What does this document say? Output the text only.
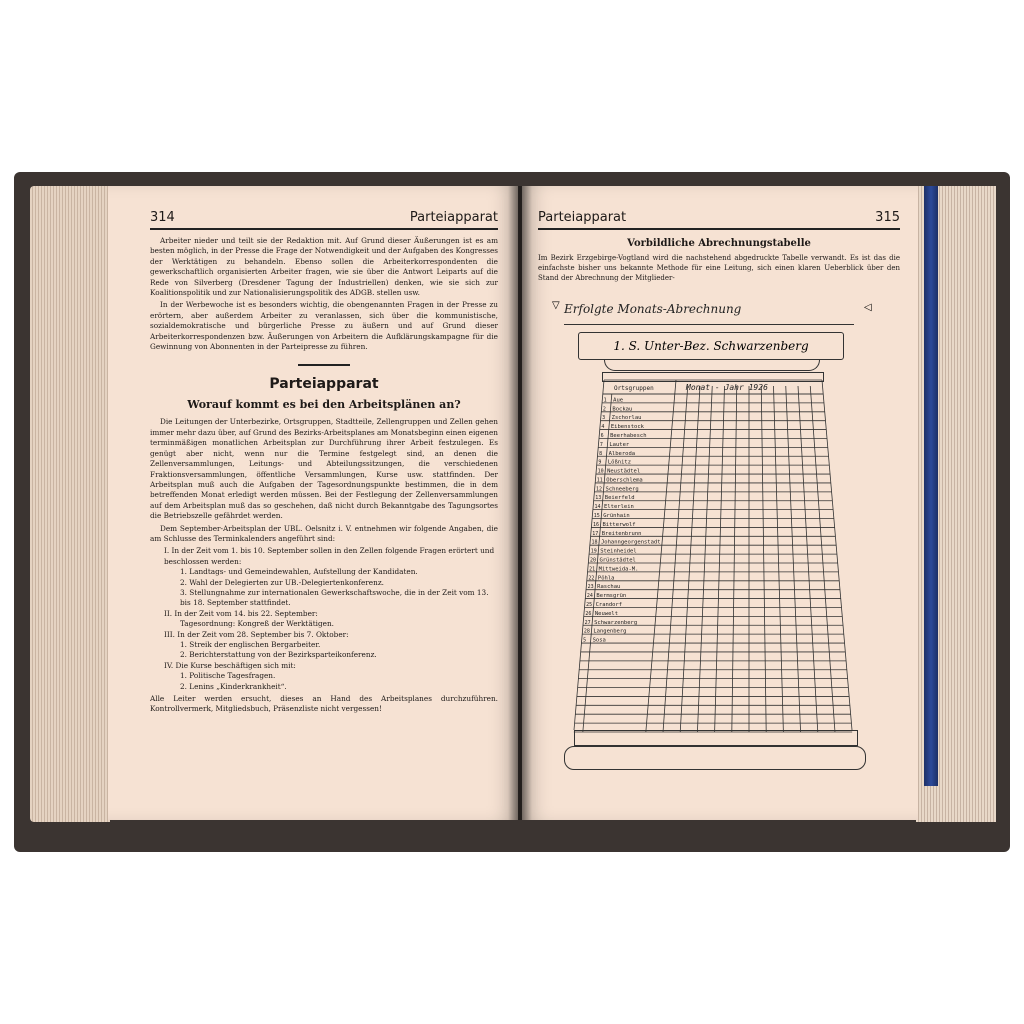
314	Parteiapparat

Arbeiter nieder und teilt sie der Redaktion mit. Auf Grund dieser Äußerungen ist es am besten möglich, in der Presse die Frage der Notwendigkeit und der Aufgaben des Kongresses der Werktätigen zu behandeln. Ebenso sollen die Arbeiterkorrespondenten die gewerkschaftlich organisierten Arbeiter fragen, wie sie über die Antwort Leiparts auf die Rede von Silverberg (Dresdener Tagung der Industriellen) denken, wie sie sich zur Koalitionspolitik und zur Nationalisierungspolitik des ADGB. stellen usw.

In der Werbewoche ist es besonders wichtig, die obengenannten Fragen in der Presse zu erörtern, aber außerdem Arbeiter zu veranlassen, sich über die kommunistische, sozialdemokratische und bürgerliche Presse zu äußern und auf Grund dieser Arbeiterkorrespondenzen bzw. Äußerungen von Arbeitern die Aufklärungskampagne für die Gewinnung von Abonnenten in der Parteipresse zu führen.

Parteiapparat
Worauf kommt es bei den Arbeitsplänen an?

Die Leitungen der Unterbezirke, Ortsgruppen, Stadtteile, Zellengruppen und Zellen gehen immer mehr dazu über, auf Grund des Bezirks-Arbeitsplanes am Monatsbeginn einen eigenen terminmäßigen monatlichen Arbeitsplan zur Durchführung ihrer Arbeit festzulegen. Es genügt aber nicht, wenn nur die Termine festgelegt sind, an denen die Zellenversammlungen, Leitungs- und Abteilungssitzungen, die verschiedenen Fraktionsversammlungen, öffentliche Versammlungen, Kurse usw. stattfinden. Der Arbeitsplan muß auch die Aufgaben der Tagesordnungspunkte bestimmen, die in dem betreffenden Monat erledigt werden müssen. Bei der Festlegung der Zellenversammlungen auf dem Arbeitsplan muß das so geschehen, daß nicht durch Bekanntgabe des Tagungsortes die Betriebszelle gefährdet werden.

Dem September-Arbeitsplan der UBL. Oelsnitz i. V. entnehmen wir folgende Angaben, die am Schlusse des Terminkalenders angeführt sind:

I. In der Zeit vom 1. bis 10. September sollen in den Zellen folgende Fragen erörtert und beschlossen werden:
1. Landtags- und Gemeindewahlen, Aufstellung der Kandidaten.
2. Wahl der Delegierten zur UB.-Delegiertenkonferenz.
3. Stellungnahme zur internationalen Gewerkschaftswoche, die in der Zeit vom 13. bis 18. September stattfindet.
II. In der Zeit vom 14. bis 22. September:
Tagesordnung: Kongreß der Werktätigen.
III. In der Zeit vom 28. September bis 7. Oktober:
1. Streik der englischen Bergarbeiter.
2. Berichterstattung von der Bezirksparteikonferenz.
IV. Die Kurse beschäftigen sich mit:
1. Politische Tagesfragen.
2. Lenins „Kinderkrankheit“.
Alle Leiter werden ersucht, dieses an Hand des Arbeitsplanes durchzuführen. Kontrollvermerk, Mitgliedsbuch, Präsenzliste nicht vergessen!
Parteiapparat	315
Vorbildliche Abrechnungstabelle

Im Bezirk Erzgebirge-Vogtland wird die nachstehend abgedruckte Tabelle verwandt. Es ist das die einfachste bisher uns bekannte Methode für eine Leitung, sich einen klaren Ueberblick über den Stand der Abrechnung der Mitglieder-

▽ Erfolgte Monats-Abrechnung	◁
1. S. Unter-Bez. Schwarzenberg
Ortsgruppen	Monat - Jahr 1926
1 Aue
2 Bockau
3 Zschorlau
4 Eibenstock
6 Beerhabesch
7 Lauter
8 Alberoda
9 Lößnitz
10 Neustädtel
11 Oberschlema
12 Schneeberg
13 Beierfeld
14 Elterlein
15 Grünhain
16 Bitterwolf
17 Breitenbrunn
18 Johanngeorgenstadt
19 Steinheidel
20 Grünstädtel
21 Mittweida-M.
22 Pöhla
23 Raschau
24 Bermsgrün
25 Crandorf
26 Neuwelt
27 Schwarzenberg
28 Langenberg
5 Sosa
